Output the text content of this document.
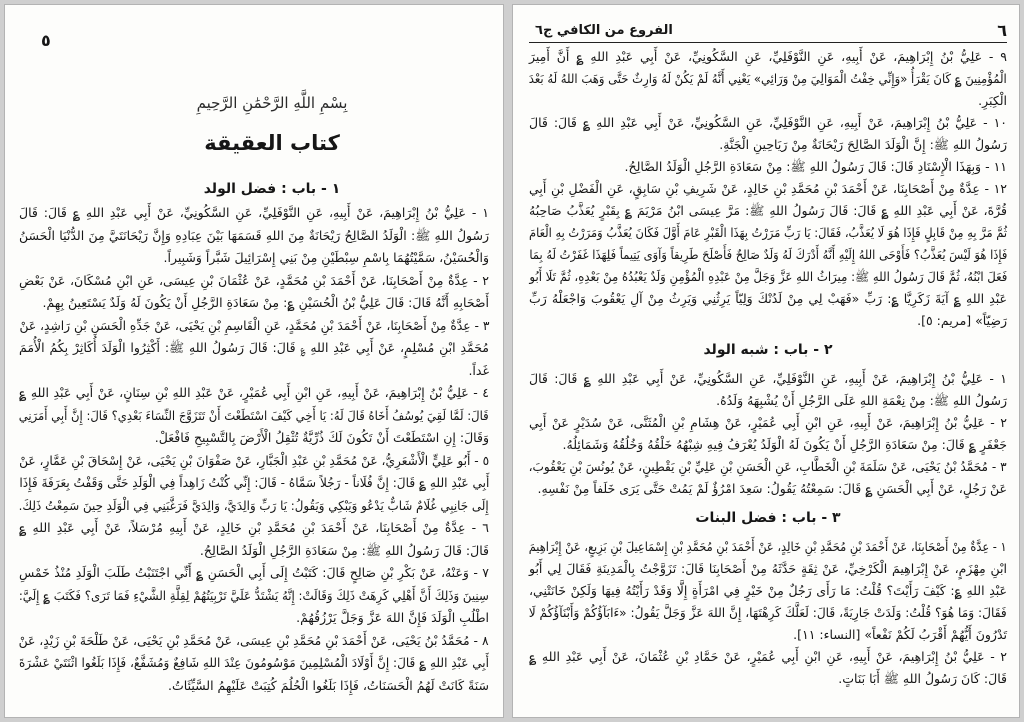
٥
بِسْمِ اللَّهِ الرَّحْمَٰنِ الرَّحِيمِ
كتاب العقيقة
١ - باب : فضل الولد
١ - عَلِيُّ بْنُ إِبْرَاهِيمَ، عَنْ أَبِيهِ، عَنِ النَّوْفَلِيِّ، عَنِ السَّكُونِيِّ، عَنْ أَبِي عَبْدِ اللهِ ؏ قَالَ: قَالَ
رَسُولُ اللهِ ﷺ: الْوَلَدُ الصَّالِحُ رَيْحَانَةٌ مِنَ اللهِ قَسَمَهَا بَيْنَ عِبَادِهِ وَإِنَّ رَيْحَانَتَيَّ مِنَ الدُّنْيَا الْحَسَنُ
وَالْحُسَيْنُ، سَمَّيْتُهُمَا بِاسْمِ سِبْطَيْنِ مِنْ بَنِي إِسْرَائِيلَ شَبَّراً وَشَبِيراً.
٢ - عِدَّةٌ مِنْ أَصْحَابِنَا، عَنْ أَحْمَدَ بْنِ مُحَمَّدٍ، عَنْ عُثْمَانَ بْنِ عِيسَى، عَنِ ابْنِ مُسْكَانَ، عَنْ بَعْضِ
أَصْحَابِهِ أَنَّهُ قَالَ: قَالَ عَلِيُّ بْنُ الْحُسَيْنِ ؏: مِنْ سَعَادَةِ الرَّجُلِ أَنْ يَكُونَ لَهُ وَلَدٌ يَسْتَعِينُ بِهِمْ.
٣ - عِدَّةٌ مِنْ أَصْحَابِنَا، عَنْ أَحْمَدَ بْنِ مُحَمَّدٍ، عَنِ الْقَاسِمِ بْنِ يَحْيَى، عَنْ جَدِّهِ الْحَسَنِ بْنِ رَاشِدٍ، عَنْ
مُحَمَّدِ ابْنِ مُسْلِمٍ، عَنْ أَبِي عَبْدِ اللهِ ؏ قَالَ: قَالَ رَسُولُ اللهِ ﷺ: أَكْثِرُوا الْوَلَدَ أُكَاثِرْ بِكُمُ الْأُمَمَ
غَداً.
٤ - عَلِيُّ بْنُ إِبْرَاهِيمَ، عَنْ أَبِيهِ، عَنِ ابْنِ أَبِي عُمَيْرٍ، عَنْ عَبْدِ اللهِ بْنِ سِنَانٍ، عَنْ أَبِي عَبْدِ اللهِ ؏
قَالَ: لَمَّا لَقِيَ يُوسُفُ أَخَاهُ قَالَ لَهُ: يَا أَخِي كَيْفَ اسْتَطَعْتَ أَنْ تَتَزَوَّجَ النِّسَاءَ بَعْدِي؟ قَالَ: إِنَّ أَبِي أَمَرَنِي
وَقَالَ: إِنِ اسْتَطَعْتَ أَنْ تَكُونَ لَكَ ذُرِّيَّةٌ تُثْقِلُ الْأَرْضَ بِالتَّسْبِيحِ فَافْعَلْ.
٥ - أَبُو عَلِيٍّ الْأَشْعَرِيُّ، عَنْ مُحَمَّدِ بْنِ عَبْدِ الْجَبَّارِ، عَنْ صَفْوَانَ بْنِ يَحْيَى، عَنْ إِسْحَاقَ بْنِ عَمَّارٍ، عَنْ
أَبِي عَبْدِ اللهِ ؏ قَالَ: إِنَّ فُلَاناً - رَجُلاً سَمَّاهُ - قَالَ: إِنِّي كُنْتُ زَاهِداً فِي الْوَلَدِ حَتَّى وَقَفْتُ بِعَرَفَةَ فَإِذَا
إِلَى جَانِبِي غُلَامٌ شَابٌّ يَدْعُو وَيَبْكِي وَيَقُولُ: يَا رَبِّ وَالِدَيَّ، وَالِدَيَّ فَرَغَّبَنِي فِي الْوَلَدِ حِينَ سَمِعْتُ ذَلِكَ.
٦ - عِدَّةٌ مِنْ أَصْحَابِنَا، عَنْ أَحْمَدَ بْنِ مُحَمَّدِ بْنِ خَالِدٍ، عَنْ أَبِيهِ مُرْسَلاً، عَنْ أَبِي عَبْدِ اللهِ ؏
قَالَ: قَالَ رَسُولُ اللهِ ﷺ: مِنْ سَعَادَةِ الرَّجُلِ الْوَلَدُ الصَّالِحُ.
٧ - وَعَنْهُ، عَنْ بَكْرِ بْنِ صَالِحٍ قَالَ: كَتَبْتُ إِلَى أَبِي الْحَسَنِ ؏ أَنِّي اجْتَنَبْتُ طَلَبَ الْوَلَدِ مُنْذُ خَمْسِ
سِنِينَ وَذَلِكَ أَنَّ أَهْلِي كَرِهَتْ ذَلِكَ وَقَالَتْ: إِنَّهُ يَشْتَدُّ عَلَيَّ تَرْبِيَتُهُمْ لِقِلَّةِ الشَّيْءِ فَمَا تَرَى؟ فَكَتَبَ ؏ إِلَيَّ:
اطْلُبِ الْوَلَدَ فَإِنَّ اللهَ عَزَّ وَجَلَّ يَرْزُقُهُمْ.
٨ - مُحَمَّدُ بْنُ يَحْيَى، عَنْ أَحْمَدَ بْنِ مُحَمَّدِ بْنِ عِيسَى، عَنْ مُحَمَّدِ بْنِ يَحْيَى، عَنْ طَلْحَةَ بْنِ زَيْدٍ، عَنْ
أَبِي عَبْدِ اللهِ ؏ قَالَ: إِنَّ أَوْلَادَ الْمُسْلِمِينَ مَوْسُومُونَ عِنْدَ اللهِ شَافِعٌ وَمُشَفَّعٌ، فَإِذَا بَلَغُوا اثْنَتَيْ عَشْرَةَ
سَنَةً كَانَتْ لَهُمُ الْحَسَنَاتُ، فَإِذَا بَلَغُوا الْحُلُمَ كُتِبَتْ عَلَيْهِمُ السَّيِّئَاتُ.
٦
الفروع من الكافي ج٦
٩ - عَلِيُّ بْنُ إِبْرَاهِيمَ، عَنْ أَبِيهِ، عَنِ النَّوْفَلِيِّ، عَنِ السَّكُونِيِّ، عَنْ أَبِي عَبْدِ اللهِ ؏ أَنَّ أَمِيرَ
الْمُؤْمِنِينَ ؏ كَانَ يَقْرَأُ «وَإِنِّي خِفْتُ الْمَوَالِيَ مِنْ وَرَائِي» يَعْنِي أَنَّهُ لَمْ يَكُنْ لَهُ وَارِثٌ حَتَّى وَهَبَ اللهُ لَهُ بَعْدَ
الْكِبَرِ.
١٠ - عَلِيُّ بْنُ إِبْرَاهِيمَ، عَنْ أَبِيهِ، عَنِ النَّوْفَلِيِّ، عَنِ السَّكُونِيِّ، عَنْ أَبِي عَبْدِ اللهِ ؏ قَالَ: قَالَ
رَسُولُ اللهِ ﷺ: إِنَّ الْوَلَدَ الصَّالِحَ رَيْحَانَةٌ مِنْ رَيَاحِينِ الْجَنَّةِ.
١١ - وَبِهَذَا الْإِسْنَادِ قَالَ: قَالَ رَسُولُ اللهِ ﷺ: مِنْ سَعَادَةِ الرَّجُلِ الْوَلَدُ الصَّالِحُ.
١٢ - عِدَّةٌ مِنْ أَصْحَابِنَا، عَنْ أَحْمَدَ بْنِ مُحَمَّدِ بْنِ خَالِدٍ، عَنْ شَرِيفِ بْنِ سَابِقٍ، عَنِ الْفَضْلِ بْنِ أَبِي
قُرَّةَ، عَنْ أَبِي عَبْدِ اللهِ ؏ قَالَ: قَالَ رَسُولُ اللهِ ﷺ: مَرَّ عِيسَى ابْنُ مَرْيَمَ ؏ بِقَبْرٍ يُعَذَّبُ صَاحِبُهُ
ثُمَّ مَرَّ بِهِ مِنْ قَابِلٍ فَإِذَا هُوَ لَا يُعَذَّبُ، فَقَالَ: يَا رَبِّ مَرَرْتُ بِهَذَا الْقَبْرِ عَامَ أَوَّلَ فَكَانَ يُعَذَّبُ وَمَرَرْتُ بِهِ الْعَامَ
فَإِذَا هُوَ لَيْسَ يُعَذَّبُ؟ فَأَوْحَى اللهُ إِلَيْهِ أَنَّهُ أَدْرَكَ لَهُ وَلَدٌ صَالِحٌ فَأَصْلَحَ طَرِيقاً وَآوَى يَتِيماً فَلِهَذَا غَفَرْتُ لَهُ بِمَا
فَعَلَ ابْنُهُ، ثُمَّ قَالَ رَسُولُ اللهِ ﷺ: مِيرَاثُ اللهِ عَزَّ وَجَلَّ مِنْ عَبْدِهِ الْمُؤْمِنِ وَلَدٌ يَعْبُدُهُ مِنْ بَعْدِهِ، ثُمَّ تَلَا أَبُو
عَبْدِ اللهِ ؏ آيَةَ زَكَرِيَّا ؏: رَبِّ «فَهَبْ لِي مِنْ لَدُنْكَ وَلِيّاً يَرِثُنِي وَيَرِثُ مِنْ آلِ يَعْقُوبَ وَاجْعَلْهُ رَبِّ
رَضِيّاً» [مريم: ٥].
٢ - باب : شبه الولد
١ - عَلِيُّ بْنُ إِبْرَاهِيمَ، عَنْ أَبِيهِ، عَنِ النَّوْفَلِيِّ، عَنِ السَّكُونِيِّ، عَنْ أَبِي عَبْدِ اللهِ ؏ قَالَ: قَالَ
رَسُولُ اللهِ ﷺ: مِنْ نِعْمَةِ اللهِ عَلَى الرَّجُلِ أَنْ يُشْبِهَهُ وَلَدُهُ.
٢ - عَلِيُّ بْنُ إِبْرَاهِيمَ، عَنْ أَبِيهِ، عَنِ ابْنِ أَبِي عُمَيْرٍ، عَنْ هِشَامِ بْنِ الْمُثَنَّى، عَنْ سُدَيْرٍ عَنْ أَبِي
جَعْفَرٍ ؏ قَالَ: مِنْ سَعَادَةِ الرَّجُلِ أَنْ يَكُونَ لَهُ الْوَلَدُ يُعْرَفُ فِيهِ شِبْهُهُ خَلْقُهُ وَخُلُقُهُ وَشَمَائِلُهُ.
٣ - مُحَمَّدُ بْنُ يَحْيَى، عَنْ سَلَمَةَ بْنِ الْخَطَّابِ، عَنِ الْحَسَنِ بْنِ عَلِيِّ بْنِ يَقْطِينٍ، عَنْ يُونُسَ بْنِ يَعْقُوبَ،
عَنْ رَجُلٍ، عَنْ أَبِي الْحَسَنِ ؏ قَالَ: سَمِعْتُهُ يَقُولُ: سَعِدَ امْرُؤٌ لَمْ يَمُتْ حَتَّى يَرَى خَلَفاً مِنْ نَفْسِهِ.
٣ - باب : فضل البنات
١ - عِدَّةٌ مِنْ أَصْحَابِنَا، عَنْ أَحْمَدَ بْنِ مُحَمَّدِ بْنِ خَالِدٍ، عَنْ أَحْمَدَ بْنِ مُحَمَّدِ بْنِ إِسْمَاعِيلَ بْنِ بَزِيعٍ، عَنْ إِبْرَاهِيمَ
ابْنِ مِهْزَمٍ، عَنْ إِبْرَاهِيمَ الْكَرْخِيِّ، عَنْ ثِقَةٍ حَدَّثَهُ مِنْ أَصْحَابِنَا قَالَ: تَزَوَّجْتُ بِالْمَدِينَةِ فَقَالَ لِي أَبُو
عَبْدِ اللهِ ؏: كَيْفَ رَأَيْتَ؟ قُلْتُ: مَا رَأَى رَجُلٌ مِنْ خَيْرٍ فِي امْرَأَةٍ إِلَّا وَقَدْ رَأَيْتُهُ فِيهَا وَلَكِنْ خَانَتْنِي،
فَقَالَ: وَمَا هُوَ؟ قُلْتُ: وَلَدَتْ جَارِيَةً، قَالَ: لَعَلَّكَ كَرِهْتَهَا، إِنَّ اللهَ عَزَّ وَجَلَّ يَقُولُ: «ءَابَآؤُكُمْ وَأَبْنَآؤُكُمْ لَا
تَدْرُونَ أَيُّهُمْ أَقْرَبُ لَكُمْ نَفْعاً» [النساء: ١١].
٢ - عَلِيُّ بْنُ إِبْرَاهِيمَ، عَنْ أَبِيهِ، عَنِ ابْنِ أَبِي عُمَيْرٍ، عَنْ حَمَّادِ بْنِ عُثْمَانَ، عَنْ أَبِي عَبْدِ اللهِ ؏
قَالَ: كَانَ رَسُولُ اللهِ ﷺ أَبَا بَنَاتٍ.
